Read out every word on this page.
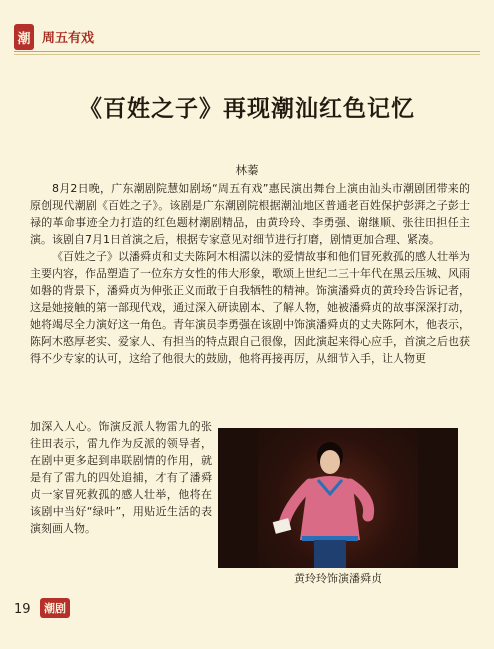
潮 周五有戏
《百姓之子》再现潮汕红色记忆
林蓁

8月2日晚，广东潮剧院慧如剧场“周五有戏”惠民演出舞台上演由汕头市潮剧团带来的原创现代潮剧《百姓之子》。该剧是广东潮剧院根据潮汕地区普通老百姓保护彭湃之子彭士禄的革命事迹全力打造的红色题材潮剧精品，由黄玲玲、李勇强、谢继顺、张往田担任主演。该剧自7月1日首演之后，根据专家意见对细节进行打磨，剧情更加合理、紧凑。

《百姓之子》以潘舜贞和丈夫陈阿木相濡以沫的爱情故事和他们冒死救孤的感人壮举为主要内容，作品塑造了一位东方女性的伟大形象，歌颂上世纪二三十年代在黑云压城、风雨如磐的背景下，潘舜贞为伸张正义而敢于自我牺牲的精神。饰演潘舜贞的黄玲玲告诉记者，这是她接触的第一部现代戏，通过深入研读剧本、了解人物，她被潘舜贞的故事深深打动，她将竭尽全力演好这一角色。青年演员李勇强在该剧中饰演潘舜贞的丈夫陈阿木，他表示，陈阿木憨厚老实、爱家人、有担当的特点跟自己很像，因此演起来得心应手，首演之后也获得不少专家的认可，这给了他很大的鼓励，他将再接再厉，从细节入手，让人物更

加深入人心。饰演反派人物雷九的张往田表示，雷九作为反派的领导者，在剧中更多起到串联剧情的作用，就是有了雷九的四处追捕，才有了潘舜贞一家冒死救孤的感人壮举，他将在该剧中当好“绿叶”，用贴近生活的表演刻画人物。
黄玲玲饰演潘舜贞
19	潮剧
